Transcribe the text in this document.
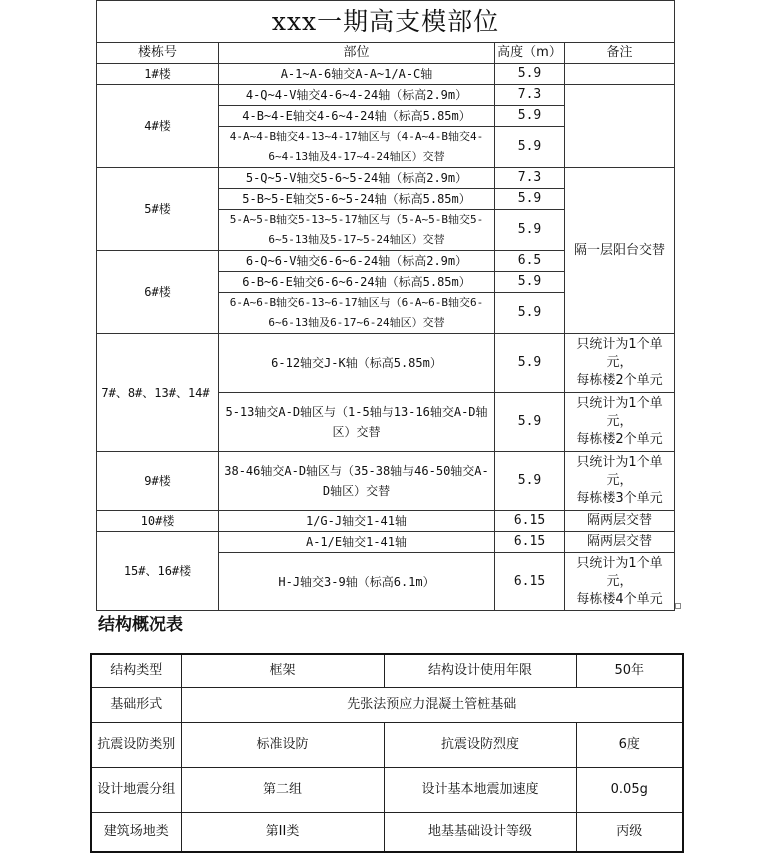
xxx一期高支模部位			
楼栋号	部位	高度（m）	备注
1#楼	A-1~A-6轴交A-A~1/A-C轴	5.9	
4#楼	4-Q~4-V轴交4-6~4-24轴（标高2.9m）	7.3	
	4-B~4-E轴交4-6~4-24轴（标高5.85m）	5.9	
	4-A~4-B轴交4-13~4-17轴区与（4-A~4-B轴交4-6~4-13轴及4-17~4-24轴区）交替	5.9	
5#楼	5-Q~5-V轴交5-6~5-24轴（标高2.9m）	7.3	隔一层阳台交替
	5-B~5-E轴交5-6~5-24轴（标高5.85m）	5.9	
	5-A~5-B轴交5-13~5-17轴区与（5-A~5-B轴交5-6~5-13轴及5-17~5-24轴区）交替	5.9	
6#楼	6-Q~6-V轴交6-6~6-24轴（标高2.9m）	6.5	
	6-B~6-E轴交6-6~6-24轴（标高5.85m）	5.9	
	6-A~6-B轴交6-13~6-17轴区与（6-A~6-B轴交6-6~6-13轴及6-17~6-24轴区）交替	5.9	

7#、8#、13#、14#	6-12轴交J-K轴（标高5.85m）	5.9	只统计为1个单
元，
每栋楼2个单元
	5-13轴交A-D轴区与（1-5轴与13-16轴交A-D轴区）交替	5.9	只统计为1个单
元，
每栋楼2个单元
9#楼	38-46轴交A-D轴区与（35-38轴与46-50轴交A-D轴区）交替	5.9	只统计为1个单
元，
每栋楼3个单元
10#楼	1/G-J轴交1-41轴	6.15	隔两层交替
15#、16#楼	A-1/E轴交1-41轴	6.15	隔两层交替
	H-J轴交3-9轴（标高6.1m）	6.15	只统计为1个单
元，
每栋楼4个单元
结构概况表
结构类型	框架	结构设计使用年限	50年
基础形式	先张法预应力混凝土管桩基础		
抗震设防类别	标准设防	抗震设防烈度	6度
设计地震分组	第二组	设计基本地震加速度	0.05g
建筑场地类	第II类	地基基础设计等级	丙级
